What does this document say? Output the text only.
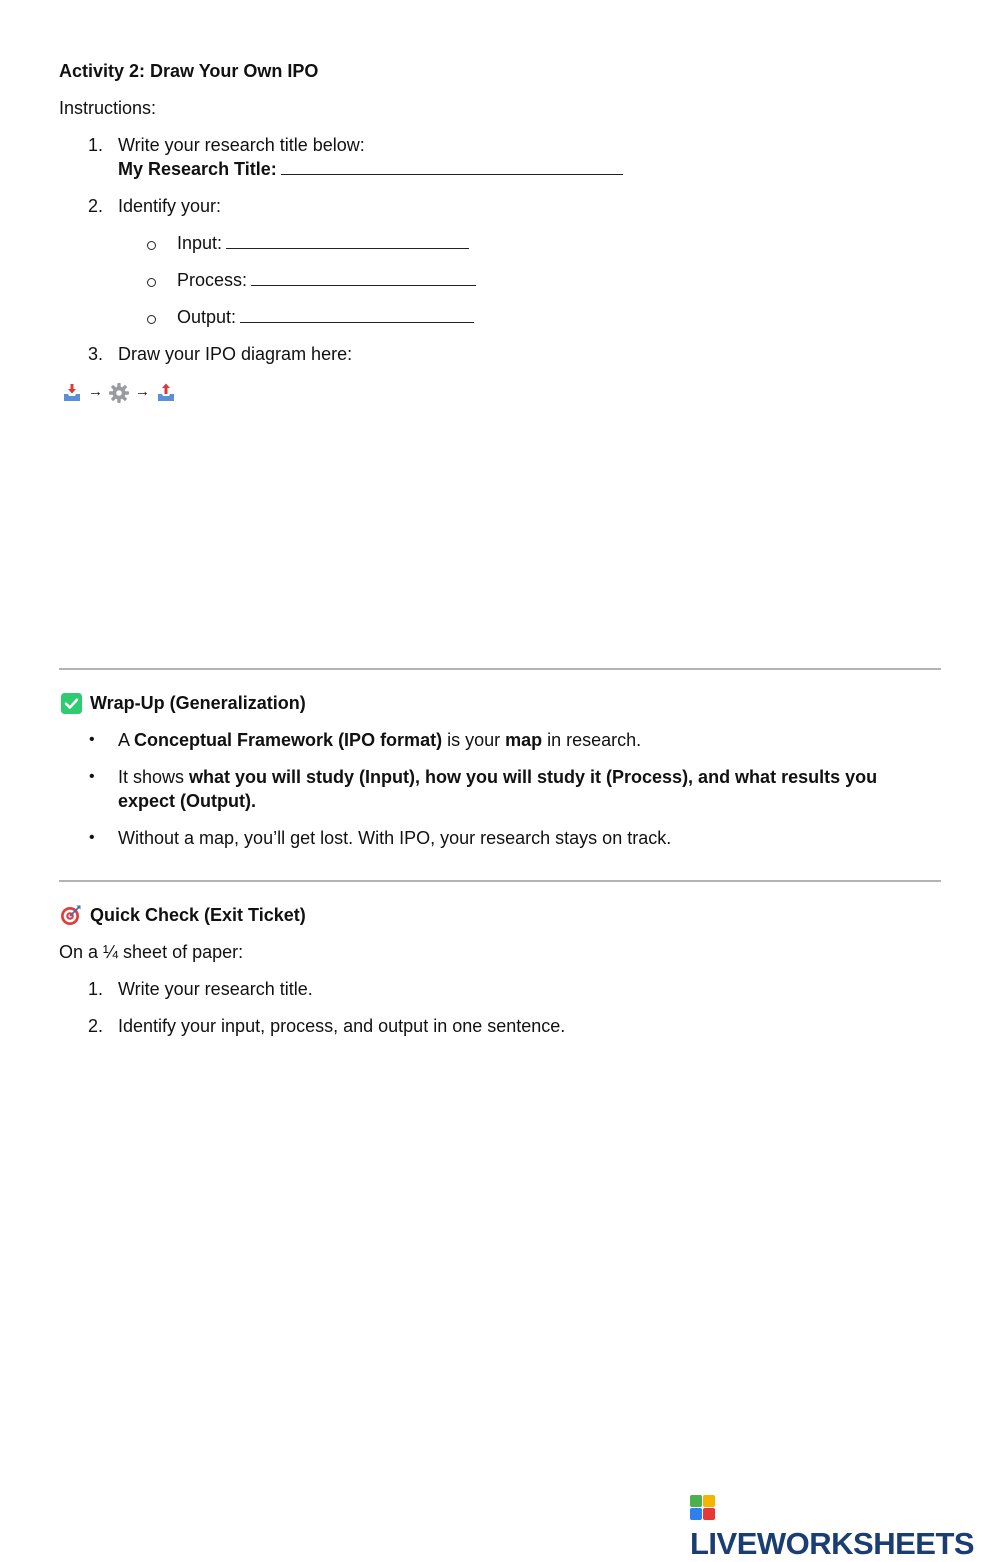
Activity 2: Draw Your Own IPO
Instructions:
1. Write your research title below:
My Research Title:
2. Identify your:
Input:
Process:
Output:
3. Draw your IPO diagram here:
→ →
Wrap-Up (Generalization)
• A Conceptual Framework (IPO format) is your map in research.
• It shows what you will study (Input), how you will study it (Process), and what results you
expect (Output).
• Without a map, you’ll get lost. With IPO, your research stays on track.
Quick Check (Exit Ticket)
On a ¼ sheet of paper:
1. Write your research title.
2. Identify your input, process, and output in one sentence.
LIVEWORKSHEETS
